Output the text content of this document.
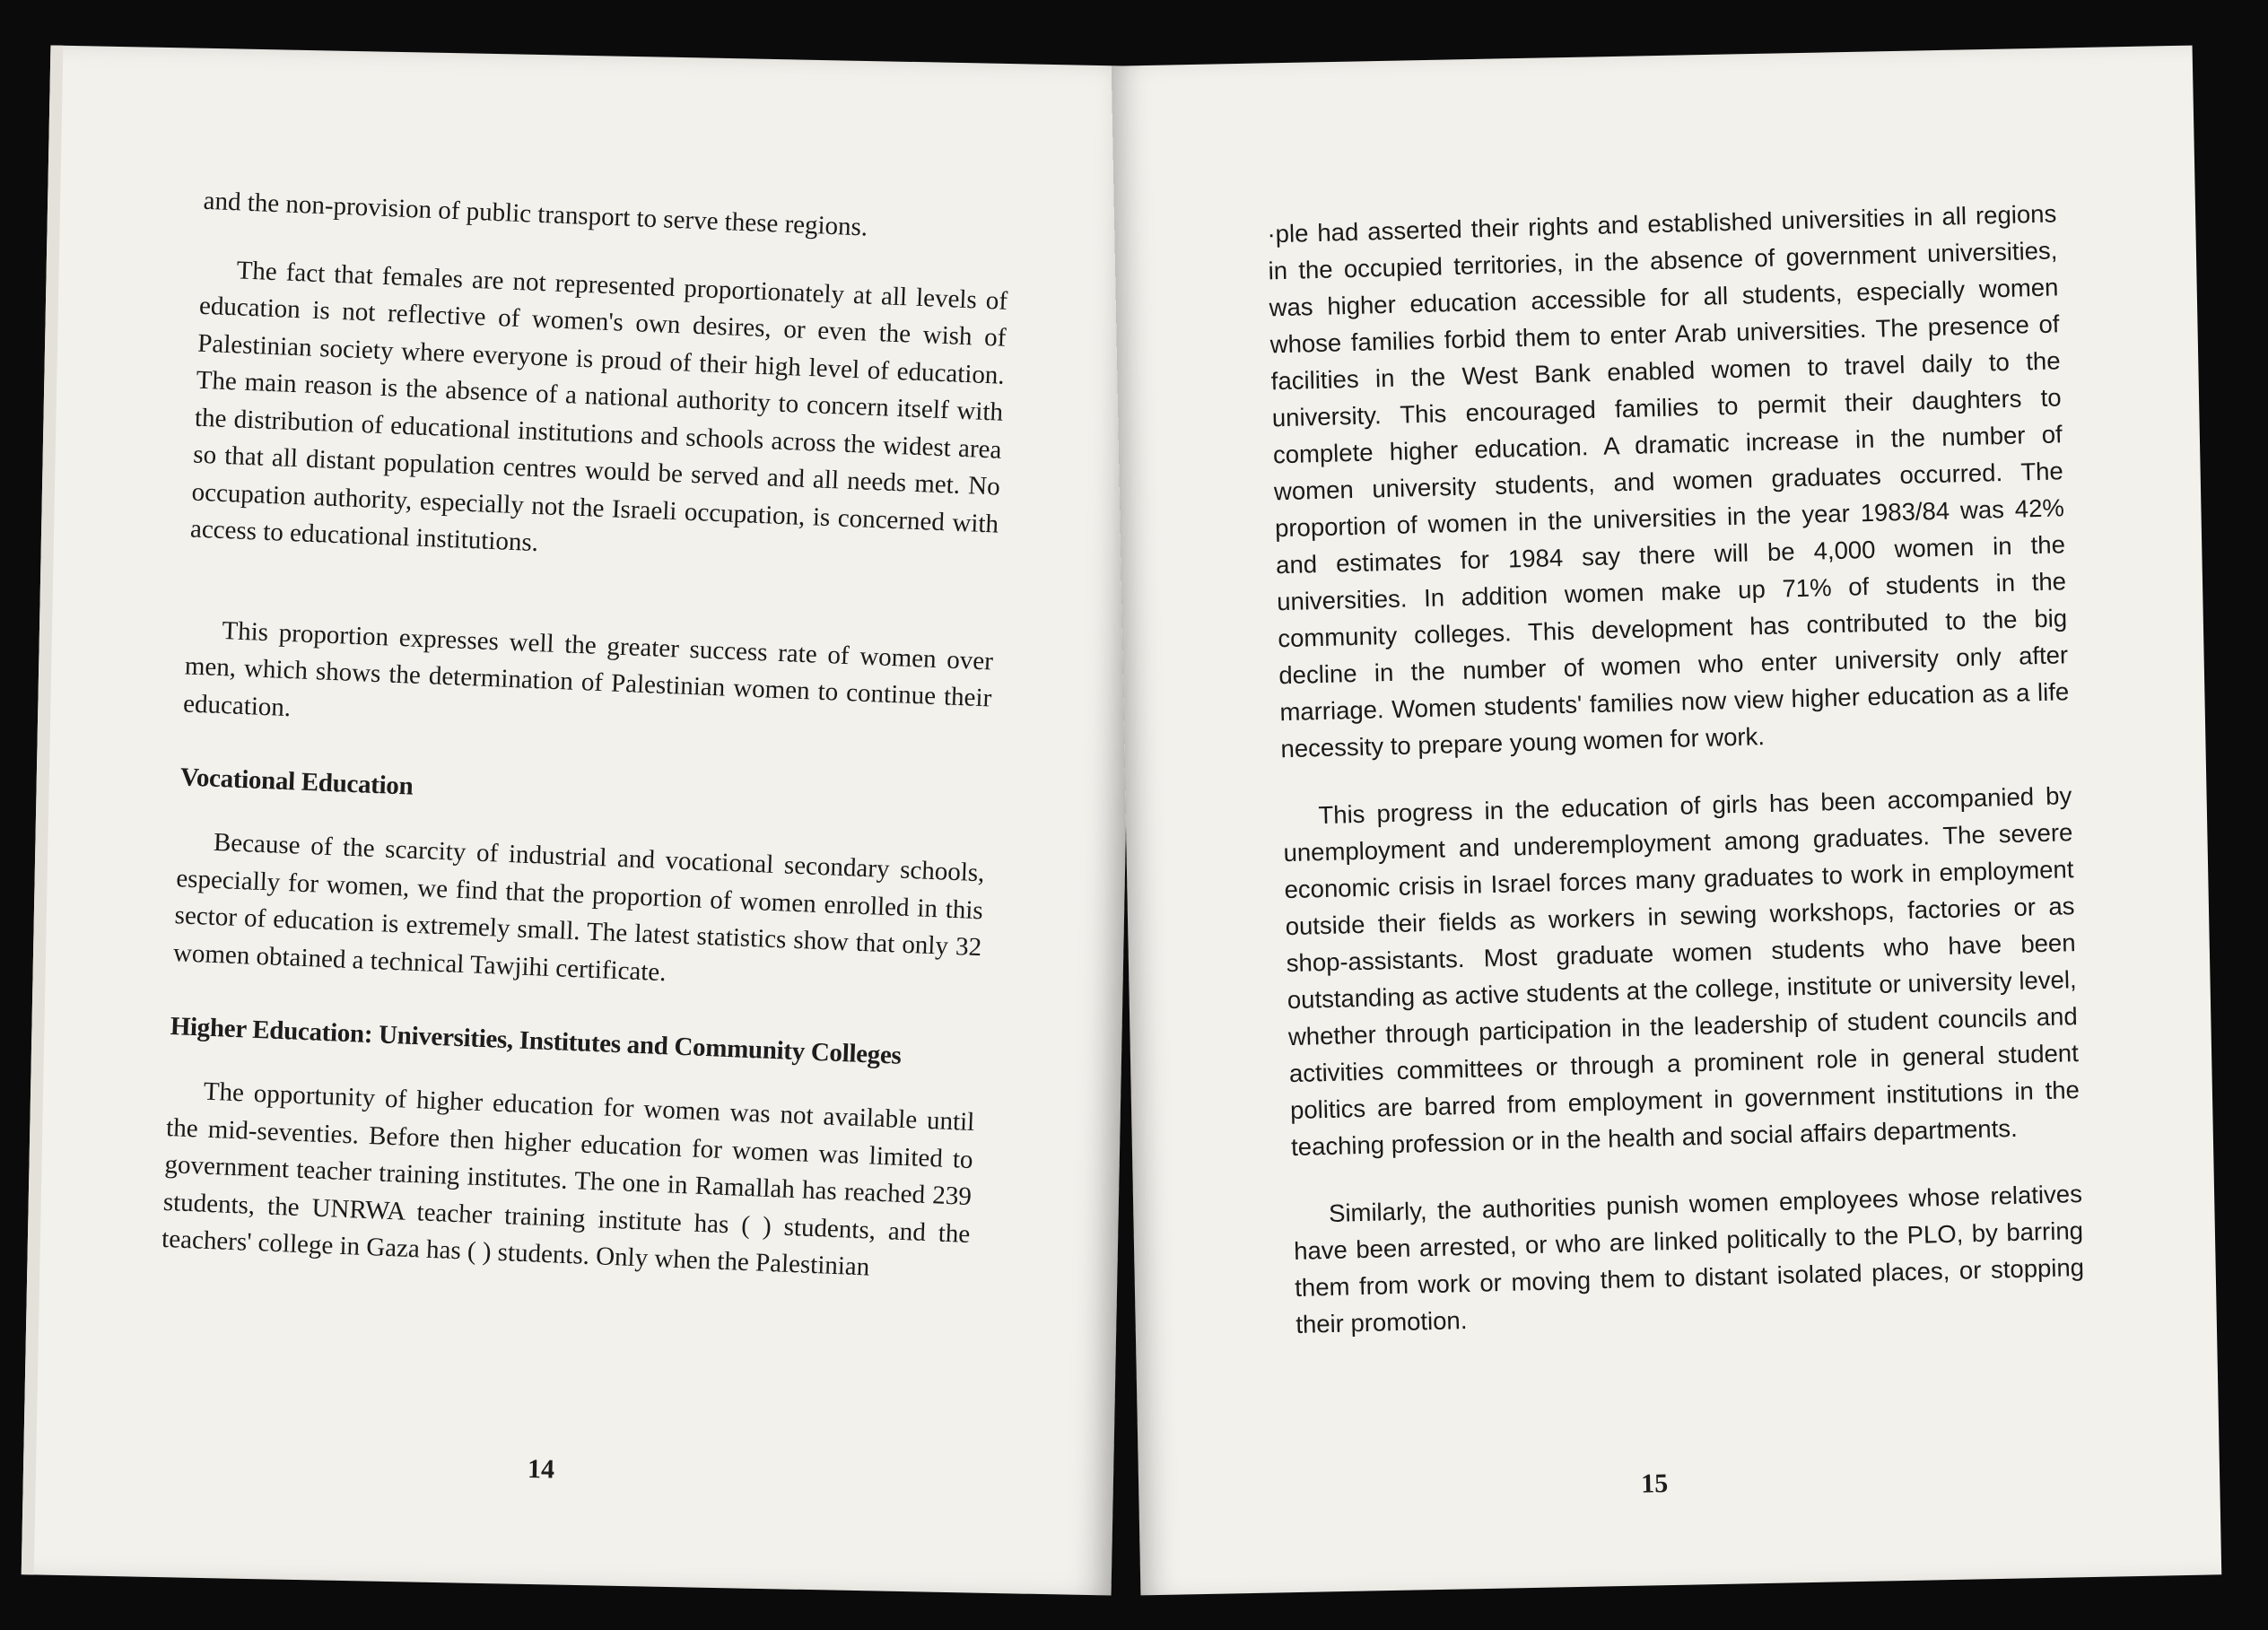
and the non-provision of public transport to serve these regions.

The fact that females are not represented proportionately at all levels of education is not reflective of women's own desires, or even the wish of Palestinian society where everyone is proud of their high level of education. The main reason is the absence of a national authority to concern itself with the distribution of educational institutions and schools across the widest area so that all distant population centres would be served and all needs met. No occupation authority, especially not the Israeli occupation, is concerned with access to educational institutions.

This proportion expresses well the greater success rate of women over men, which shows the determination of Palestinian women to continue their education.

Vocational Education

Because of the scarcity of industrial and vocational secondary schools, especially for women, we find that the proportion of women enrolled in this sector of education is extremely small. The latest statistics show that only 32 women obtained a technical Tawjihi certificate.

Higher Education: Universities, Institutes and Community Colleges

The opportunity of higher education for women was not available until the mid-seventies. Before then higher education for women was limited to government teacher training institutes. The one in Ramallah has reached 239 students, the UNRWA teacher training institute has ( ) students, and the teachers' college in Gaza has ( ) students. Only when the Palestinian

14

·ple had asserted their rights and established universities in all regions in the occupied territories, in the absence of government universities, was higher education accessible for all students, especially women whose families forbid them to enter Arab universities. The presence of facilities in the West Bank enabled women to travel daily to the university. This encouraged families to permit their daughters to complete higher education. A dramatic increase in the number of women university students, and women graduates occurred. The proportion of women in the universities in the year 1983/84 was 42% and estimates for 1984 say there will be 4,000 women in the universities. In addition women make up 71% of students in the community colleges. This development has contributed to the big decline in the number of women who enter university only after marriage. Women students' families now view higher education as a life necessity to prepare young women for work.

This progress in the education of girls has been accompanied by unemployment and underemployment among graduates. The severe economic crisis in Israel forces many graduates to work in employment outside their fields as workers in sewing workshops, factories or as shop-assistants. Most graduate women students who have been outstanding as active students at the college, institute or university level, whether through participation in the leadership of student councils and activities committees or through a prominent role in general student politics are barred from employment in government institutions in the teaching profession or in the health and social affairs departments.

Similarly, the authorities punish women employees whose relatives have been arrested, or who are linked politically to the PLO, by barring them from work or moving them to distant isolated places, or stopping their promotion.

15
